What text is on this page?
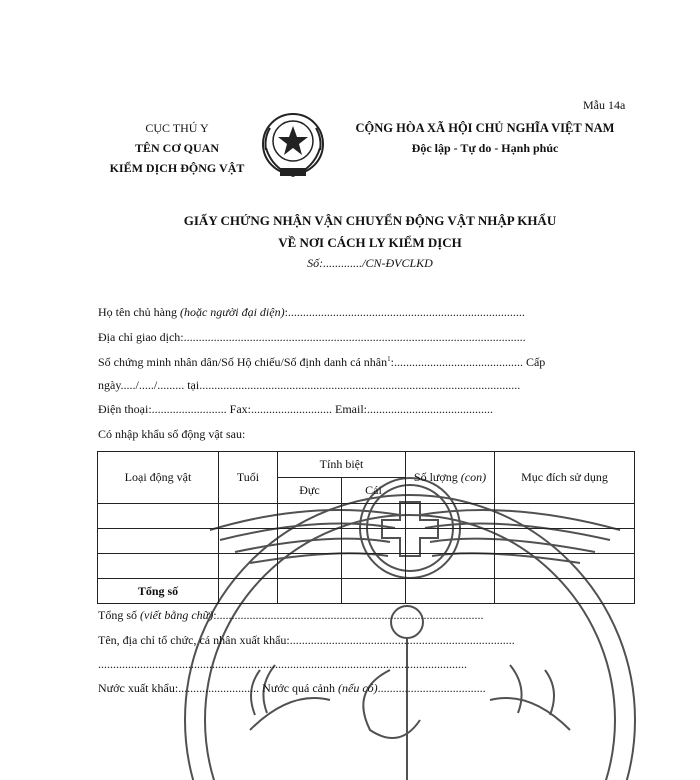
Mẫu 14a
CỤC THÚ Y
TÊN CƠ QUAN
KIỂM DỊCH ĐỘNG VẬT
CỘNG HÒA XÃ HỘI CHỦ NGHĨA VIỆT NAM
Độc lập - Tự do - Hạnh phúc
GIẤY CHỨNG NHẬN VẬN CHUYỂN ĐỘNG VẬT NHẬP KHẨU
VỀ NƠI CÁCH LY KIỂM DỊCH
Số:............./CN-ĐVCLKD
Họ tên chủ hàng (hoặc người đại diện):...............................................................................
Địa chỉ giao dịch:..................................................................................................................
Số chứng minh nhân dân/Số Hộ chiếu/Số định danh cá nhân$^1$:........................................... Cấp
ngày...../...../......... tại...........................................................................................................
Điện thoại:......................... Fax:........................... Email:..........................................
Có nhập khẩu số động vật sau:
Loại động vật	Tuổi	Tính biệt		Số lượng (con)	Mục đích sử dụng
		Đực	Cái		

Tổng số					
Tổng số (viết bằng chữ):.........................................................................................
Tên, địa chỉ tổ chức, cá nhân xuất khẩu:...........................................................................
...........................................................................................................................
Nước xuất khẩu:........................... Nước quá cảnh (nếu có)....................................
